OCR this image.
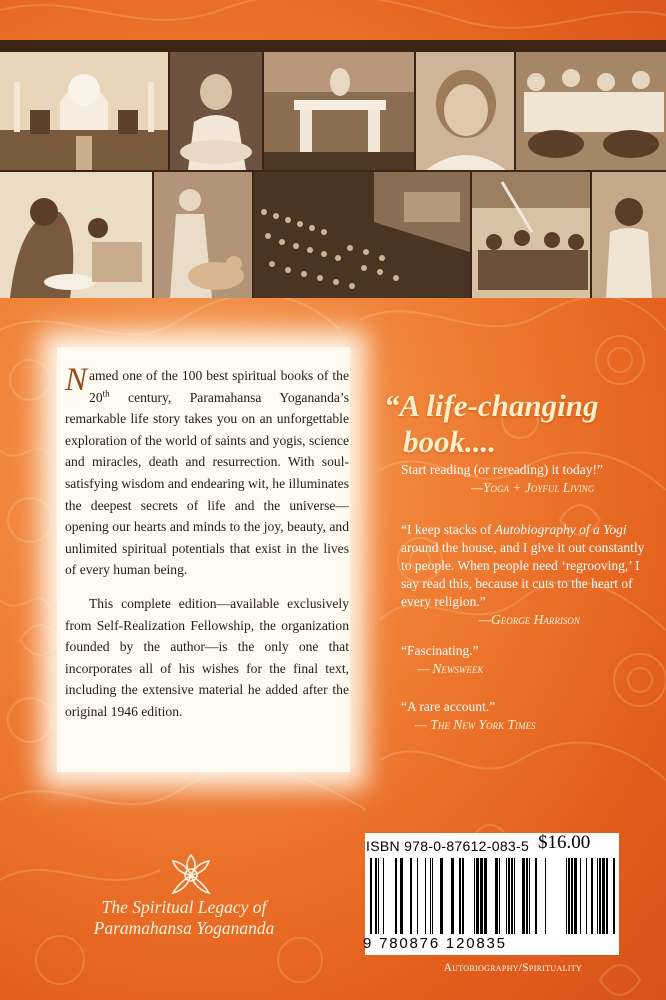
Named one of the 100 best spiritual books of the 20th century, Paramahansa Yogananda’s remarkable life story takes you on an unforgettable exploration of the world of saints and yogis, science and miracles, death and resurrection. With soul-satisfying wisdom and endearing wit, he illuminates the deepest secrets of life and the universe—opening our hearts and minds to the joy, beauty, and unlimited spiritual potentials that exist in the lives of every human being.

This complete edition—available exclusively from Self-Realization Fellowship, the organization founded by the author—is the only one that incorporates all of his wishes for the final text, including the extensive material he added after the original 1946 edition.

“A life-changing
book....

Start reading (or rereading) it today!”

—Yoga + Joyful Living

“I keep stacks of Autobiography of a Yogi around the house, and I give it out constantly to people. When people need ‘regrooving,’ I say read this, because it cuts to the heart of every religion.”

—George Harrison

“Fascinating.”

— Newsweek

“A rare account.”

— The New York Times
ISBN 978-0-87612-083-5 $16.00
9 780876 120835
Autobiography/Spirituality
The Spiritual Legacy of
Paramahansa Yogananda
